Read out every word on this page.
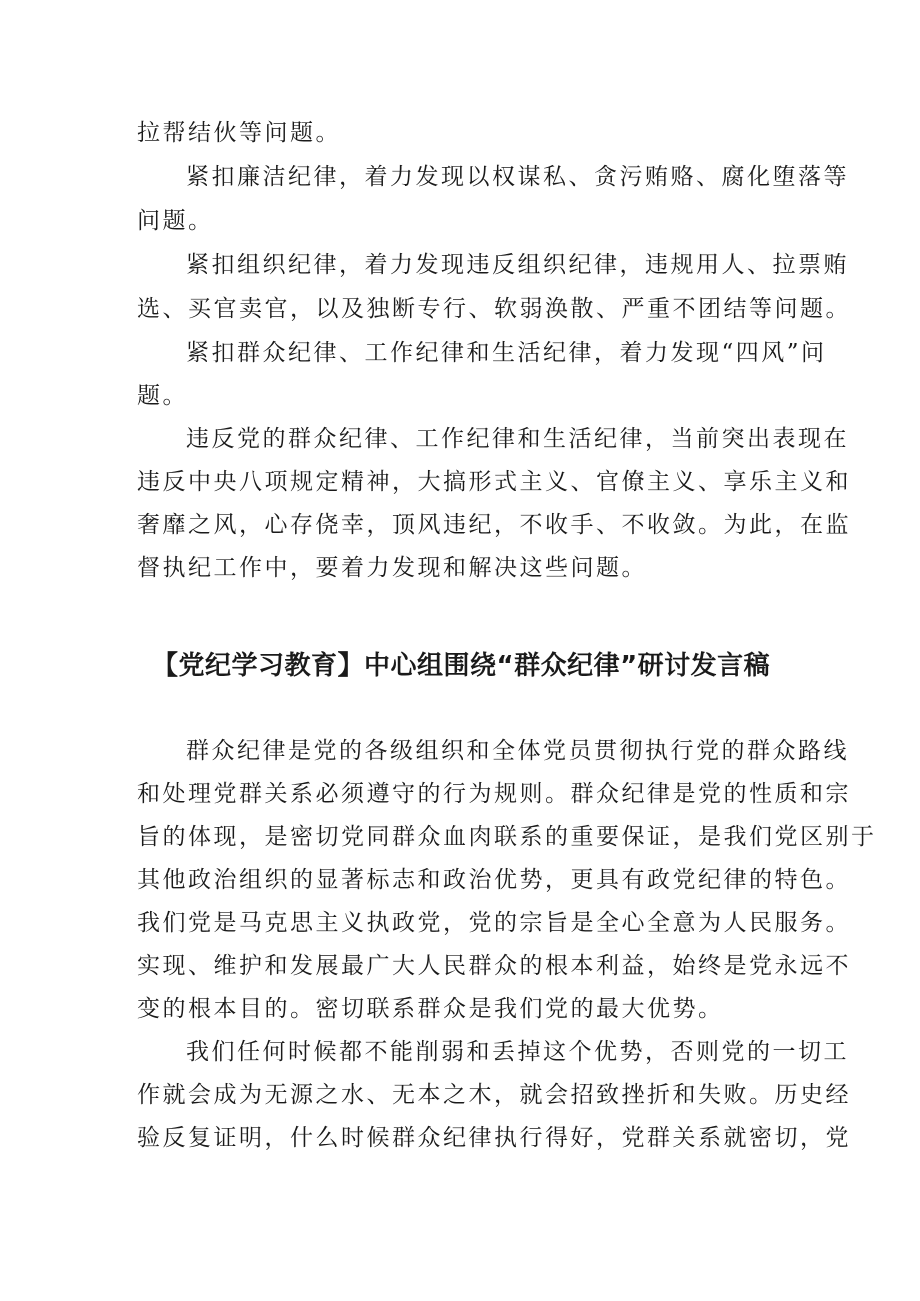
拉帮结伙等问题。
紧扣廉洁纪律，着力发现以权谋私、贪污贿赂、腐化堕落等
问题。
紧扣组织纪律，着力发现违反组织纪律，违规用人、拉票贿
选、买官卖官，以及独断专行、软弱涣散、严重不团结等问题。
紧扣群众纪律、工作纪律和生活纪律，着力发现“四风”问
题。
违反党的群众纪律、工作纪律和生活纪律，当前突出表现在
违反中央八项规定精神，大搞形式主义、官僚主义、享乐主义和
奢靡之风，心存侥幸，顶风违纪，不收手、不收敛。为此，在监
督执纪工作中，要着力发现和解决这些问题。
【党纪学习教育】中心组围绕“群众纪律”研讨发言稿
群众纪律是党的各级组织和全体党员贯彻执行党的群众路线
和处理党群关系必须遵守的行为规则。群众纪律是党的性质和宗
旨的体现，是密切党同群众血肉联系的重要保证，是我们党区别于
其他政治组织的显著标志和政治优势，更具有政党纪律的特色。
我们党是马克思主义执政党，党的宗旨是全心全意为人民服务。
实现、维护和发展最广大人民群众的根本利益，始终是党永远不
变的根本目的。密切联系群众是我们党的最大优势。
我们任何时候都不能削弱和丢掉这个优势，否则党的一切工
作就会成为无源之水、无本之木，就会招致挫折和失败。历史经
验反复证明，什么时候群众纪律执行得好，党群关系就密切，党
